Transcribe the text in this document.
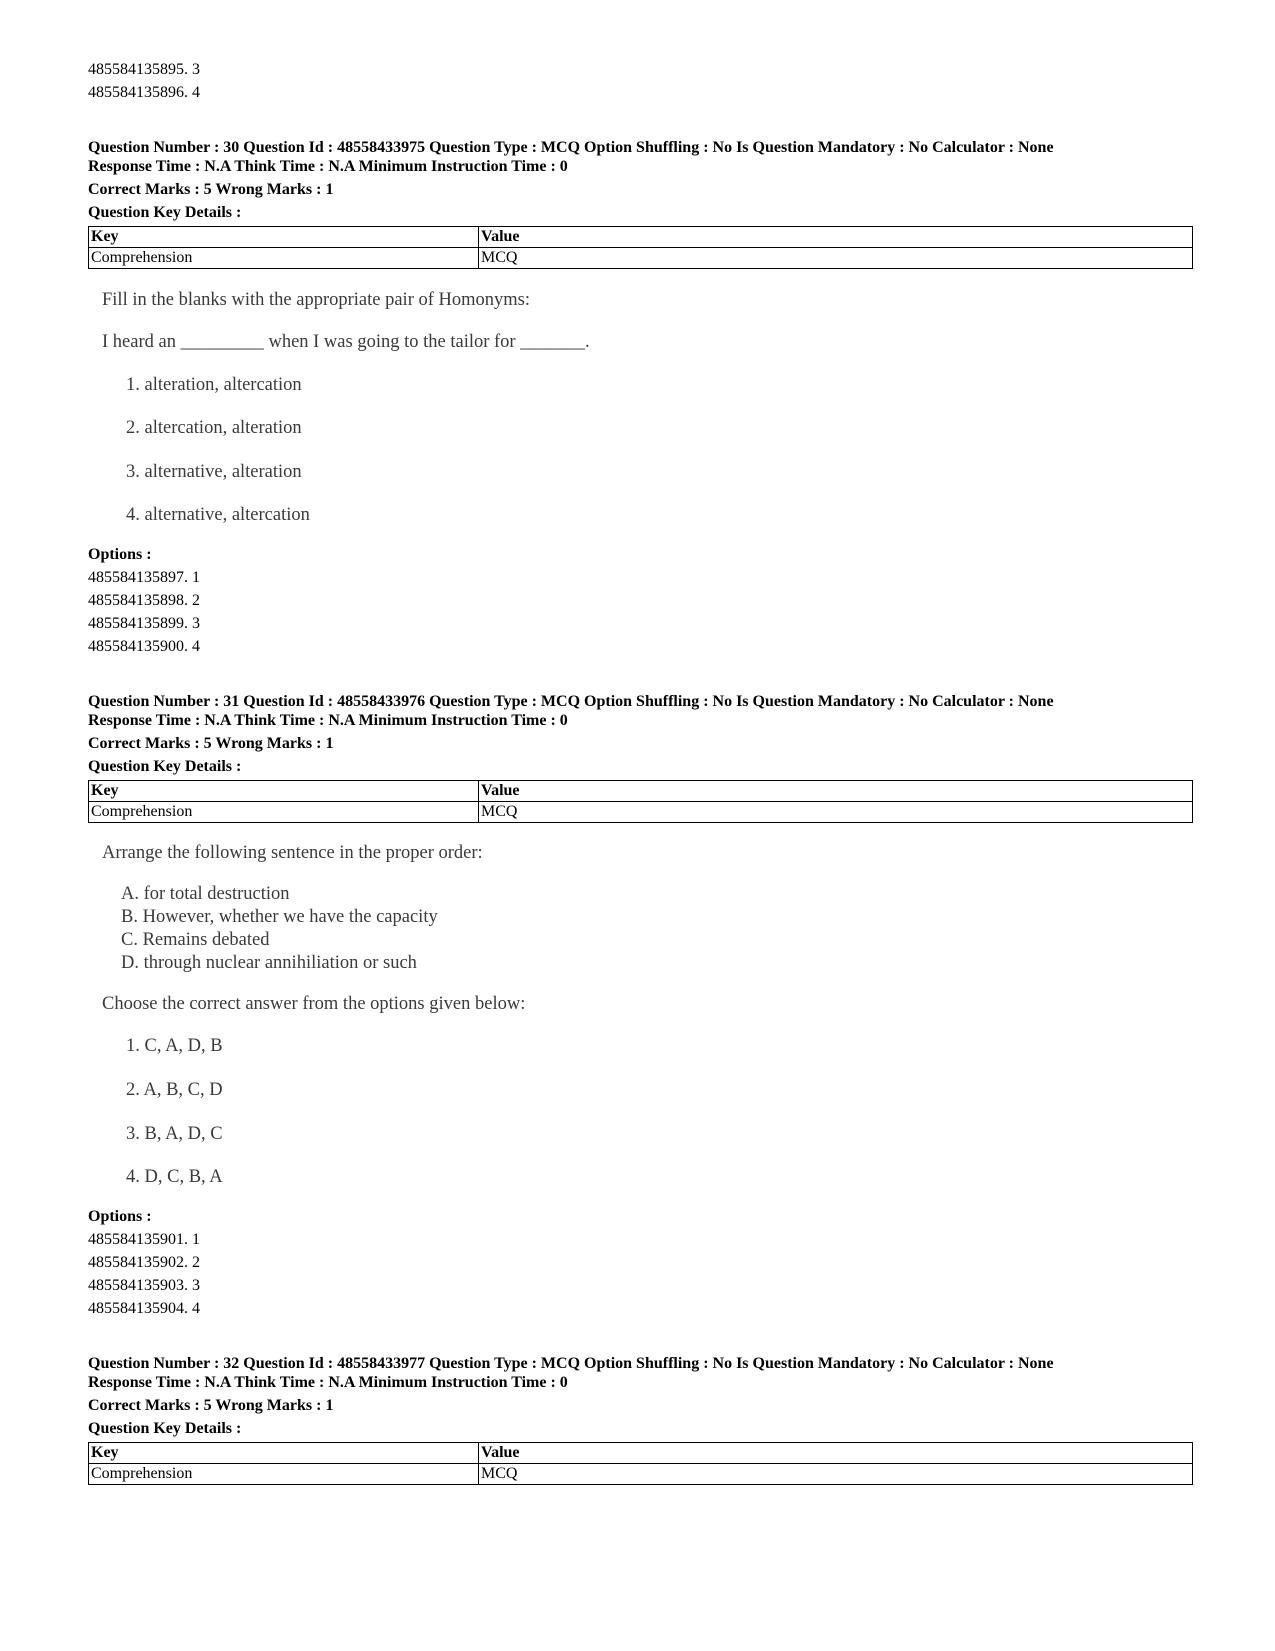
485584135895. 3
485584135896. 4
Question Number : 30 Question Id : 48558433975 Question Type : MCQ Option Shuffling : No Is Question Mandatory : No Calculator : None
Response Time : N.A Think Time : N.A Minimum Instruction Time : 0
Correct Marks : 5 Wrong Marks : 1
Question Key Details :
Key	Value
Comprehension	MCQ
Fill in the blanks with the appropriate pair of Homonyms:
I heard an _________ when I was going to the tailor for _______.
1. alteration, altercation
2. altercation, alteration
3. alternative, alteration
4. alternative, altercation
Options :
485584135897. 1
485584135898. 2
485584135899. 3
485584135900. 4
Question Number : 31 Question Id : 48558433976 Question Type : MCQ Option Shuffling : No Is Question Mandatory : No Calculator : None
Response Time : N.A Think Time : N.A Minimum Instruction Time : 0
Correct Marks : 5 Wrong Marks : 1
Question Key Details :
Key	Value
Comprehension	MCQ
Arrange the following sentence in the proper order:
A. for total destruction
B. However, whether we have the capacity
C. Remains debated
D. through nuclear annihiliation or such
Choose the correct answer from the options given below:
1. C, A, D, B
2. A, B, C, D
3. B, A, D, C
4. D, C, B, A
Options :
485584135901. 1
485584135902. 2
485584135903. 3
485584135904. 4
Question Number : 32 Question Id : 48558433977 Question Type : MCQ Option Shuffling : No Is Question Mandatory : No Calculator : None
Response Time : N.A Think Time : N.A Minimum Instruction Time : 0
Correct Marks : 5 Wrong Marks : 1
Question Key Details :
Key	Value
Comprehension	MCQ
